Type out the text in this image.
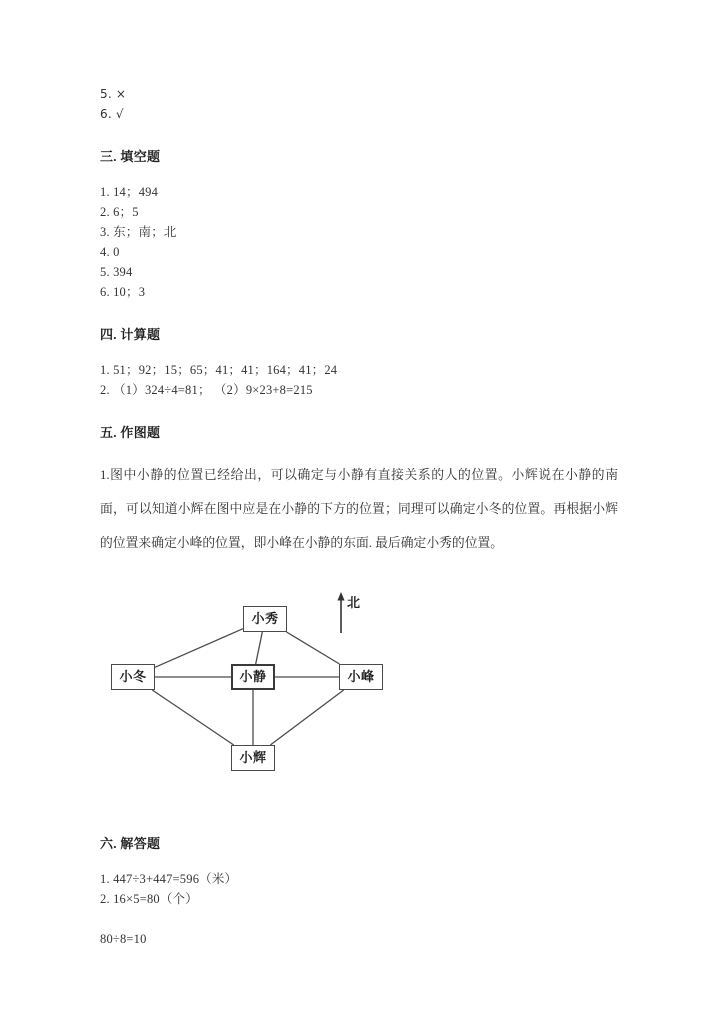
5. ×
6. √
三. 填空题
1. 14；494
2. 6；5
3. 东；南；北
4. 0
5. 394
6. 10；3
四. 计算题
1. 51；92；15；65；41；41；164；41；24
2. （1）324÷4=81； （2）9×23+8=215
五. 作图题
1.图中小静的位置已经给出，可以确定与小静有直接关系的人的位置。小辉说在小静的南面，可以知道小辉在图中应是在小静的下方的位置；同理可以确定小冬的位置。再根据小辉的位置来确定小峰的位置，即小峰在小静的东面. 最后确定小秀的位置。
小秀
小冬	小静	小峰
小辉
北
六. 解答题
1. 447÷3+447=596（米）
2. 16×5=80（个）
80÷8=10
